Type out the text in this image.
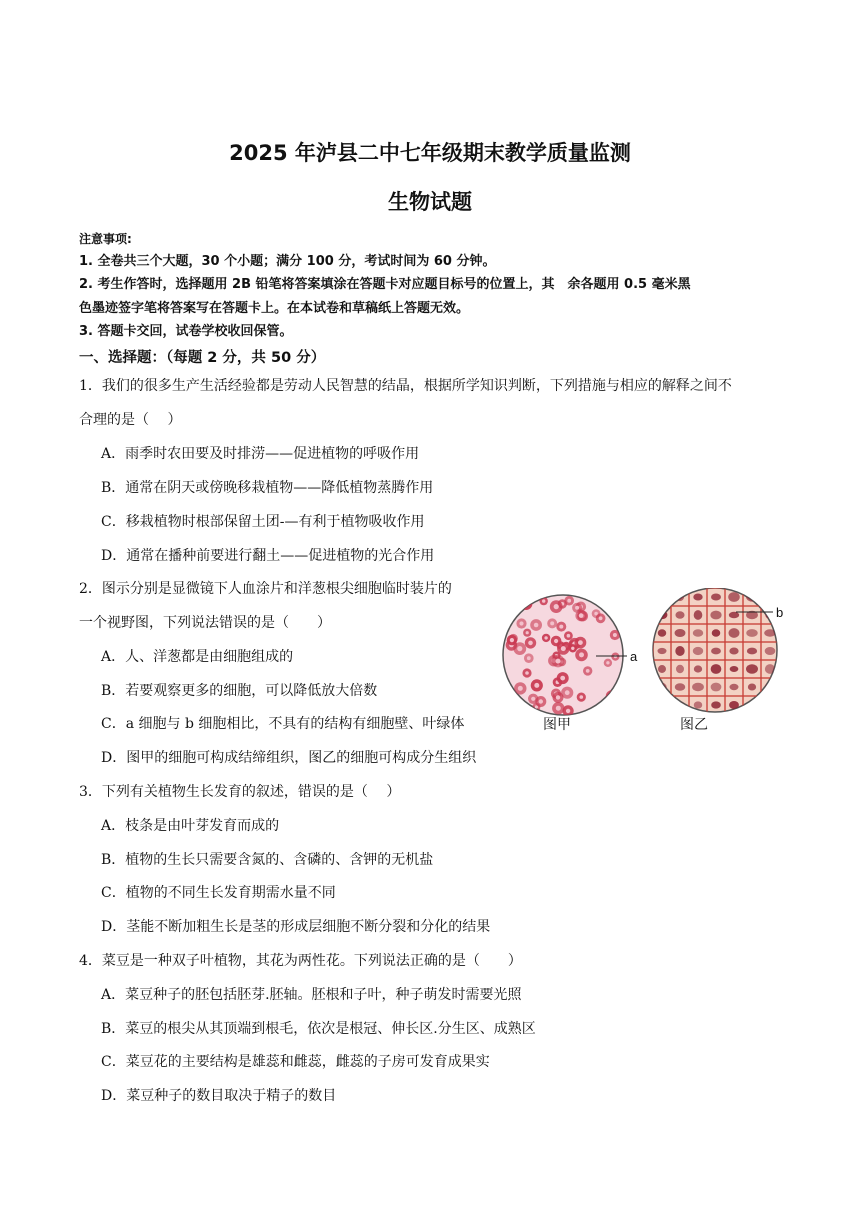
2025 年泸县二中七年级期末教学质量监测
生物试题
注意事项:
1. 全卷共三个大题，30 个小题；满分 100 分，考试时间为 60 分钟。
2. 考生作答时，选择题用 2B 铅笔将答案填涂在答题卡对应题目标号的位置上，其　余各题用 0.5 毫米黑
色墨迹签字笔将答案写在答题卡上。在本试卷和草稿纸上答题无效。
3. 答题卡交回，试卷学校收回保管。
一、选择题：（每题 2 分，共 50 分）
1．我们的很多生产生活经验都是劳动人民智慧的结晶，根据所学知识判断，下列措施与相应的解释之间不
合理的是（　 ）
A．雨季时农田要及时排涝——促进植物的呼吸作用
B．通常在阴天或傍晚移栽植物——降低植物蒸腾作用
C．移栽植物时根部保留土团-—有利于植物吸收作用
D．通常在播种前要进行翻土——促进植物的光合作用
2．图示分别是显微镜下人血涂片和洋葱根尖细胞临时装片的
一个视野图，下列说法错误的是（　　）
A．人、洋葱都是由细胞组成的
B．若要观察更多的细胞，可以降低放大倍数
C．a 细胞与 b 细胞相比，不具有的结构有细胞壁、叶绿体
D．图甲的细胞可构成结缔组织，图乙的细胞可构成分生组织
a
b
图甲	图乙
3．下列有关植物生长发育的叙述，错误的是（　 ）
A．枝条是由叶芽发育而成的
B．植物的生长只需要含氮的、含磷的、含钾的无机盐
C．植物的不同生长发育期需水量不同
D．茎能不断加粗生长是茎的形成层细胞不断分裂和分化的结果
4．菜豆是一种双子叶植物，其花为两性花。下列说法正确的是（　　）
A．菜豆种子的胚包括胚芽.胚轴。胚根和子叶，种子萌发时需要光照
B．菜豆的根尖从其顶端到根毛，依次是根冠、伸长区.分生区、成熟区
C．菜豆花的主要结构是雄蕊和雌蕊，雌蕊的子房可发育成果实
D．菜豆种子的数目取决于精子的数目
